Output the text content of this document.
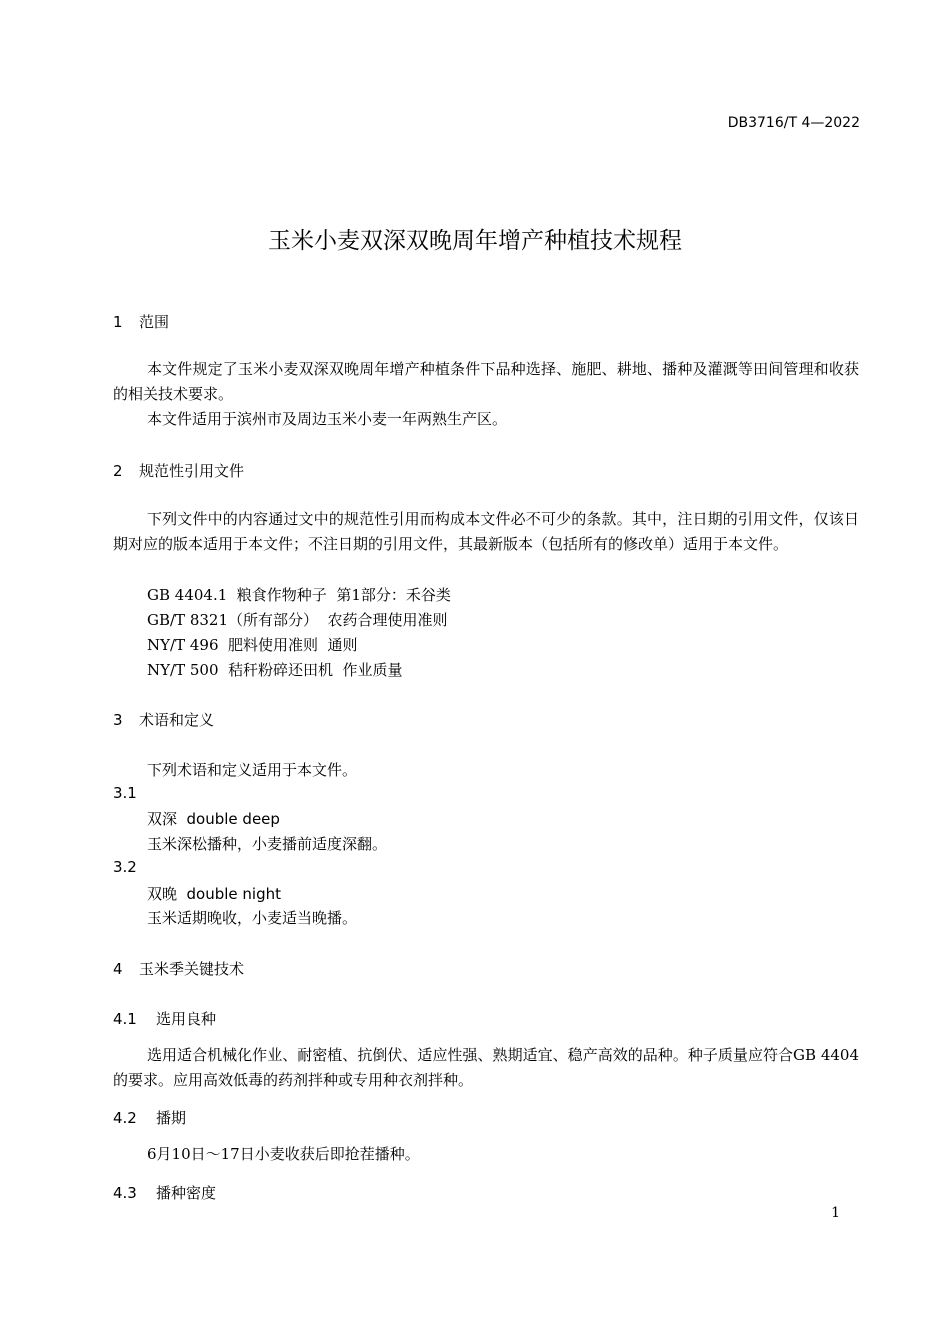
DB3716/T 4—2022
玉米小麦双深双晚周年增产种植技术规程
1 范围
本文件规定了玉米小麦双深双晚周年增产种植条件下品种选择、施肥、耕地、播种及灌溉等田间管理和收获的相关技术要求。
本文件适用于滨州市及周边玉米小麦一年两熟生产区。
2 规范性引用文件
下列文件中的内容通过文中的规范性引用而构成本文件必不可少的条款。其中，注日期的引用文件，仅该日期对应的版本适用于本文件；不注日期的引用文件，其最新版本（包括所有的修改单）适用于本文件。
GB 4404.1  粮食作物种子  第1部分：禾谷类
GB/T 8321（所有部分）  农药合理使用准则
NY/T 496  肥料使用准则  通则
NY/T 500  秸秆粉碎还田机  作业质量
3 术语和定义
下列术语和定义适用于本文件。
3.1
双深  double deep
玉米深松播种，小麦播前适度深翻。
3.2
双晚  double night
玉米适期晚收，小麦适当晚播。
4 玉米季关键技术
4.1 选用良种
选用适合机械化作业、耐密植、抗倒伏、适应性强、熟期适宜、稳产高效的品种。种子质量应符合GB 4404的要求。应用高效低毒的药剂拌种或专用种衣剂拌种。
4.2 播期
6月10日～17日小麦收获后即抢茬播种。
4.3 播种密度
1
